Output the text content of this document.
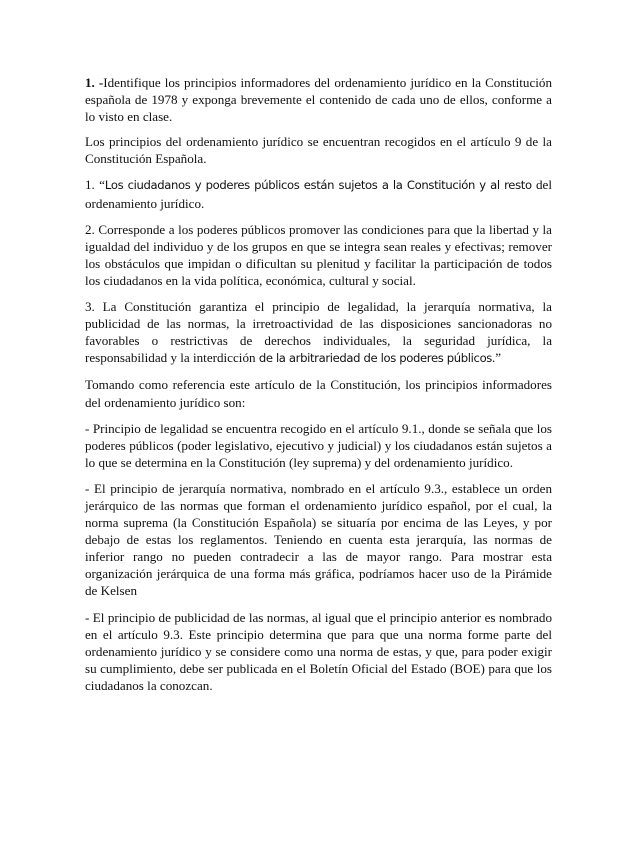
1. -Identifique los principios informadores del ordenamiento jurídico en la Constitución española de 1978 y exponga brevemente el contenido de cada uno de ellos, conforme a lo visto en clase.

Los principios del ordenamiento jurídico se encuentran recogidos en el artículo 9 de la Constitución Española.

1. “Los ciudadanos y poderes públicos están sujetos a la Constitución y al resto del ordenamiento jurídico.

2. Corresponde a los poderes públicos promover las condiciones para que la libertad y la igualdad del individuo y de los grupos en que se integra sean reales y efectivas; remover los obstáculos que impidan o dificultan su plenitud y facilitar la participación de todos los ciudadanos en la vida política, económica, cultural y social.

3. La Constitución garantiza el principio de legalidad, la jerarquía normativa, la publicidad de las normas, la irretroactividad de las disposiciones sancionadoras no favorables o restrictivas de derechos individuales, la seguridad jurídica, la responsabilidad y la interdicción de la arbitrariedad de los poderes públicos.”

Tomando como referencia este artículo de la Constitución, los principios informadores del ordenamiento jurídico son:

- Principio de legalidad se encuentra recogido en el artículo 9.1., donde se señala que los poderes públicos (poder legislativo, ejecutivo y judicial) y los ciudadanos están sujetos a lo que se determina en la Constitución (ley suprema) y del ordenamiento jurídico.

- El principio de jerarquía normativa, nombrado en el artículo 9.3., establece un orden jerárquico de las normas que forman el ordenamiento jurídico español, por el cual, la norma suprema (la Constitución Española) se situaría por encima de las Leyes, y por debajo de estas los reglamentos. Teniendo en cuenta esta jerarquía, las normas de inferior rango no pueden contradecir a las de mayor rango. Para mostrar esta organización jerárquica de una forma más gráfica, podríamos hacer uso de la Pirámide de Kelsen

- El principio de publicidad de las normas, al igual que el principio anterior es nombrado en el artículo 9.3. Este principio determina que para que una norma forme parte del ordenamiento jurídico y se considere como una norma de estas, y que, para poder exigir su cumplimiento, debe ser publicada en el Boletín Oficial del Estado (BOE) para que los ciudadanos la conozcan.
